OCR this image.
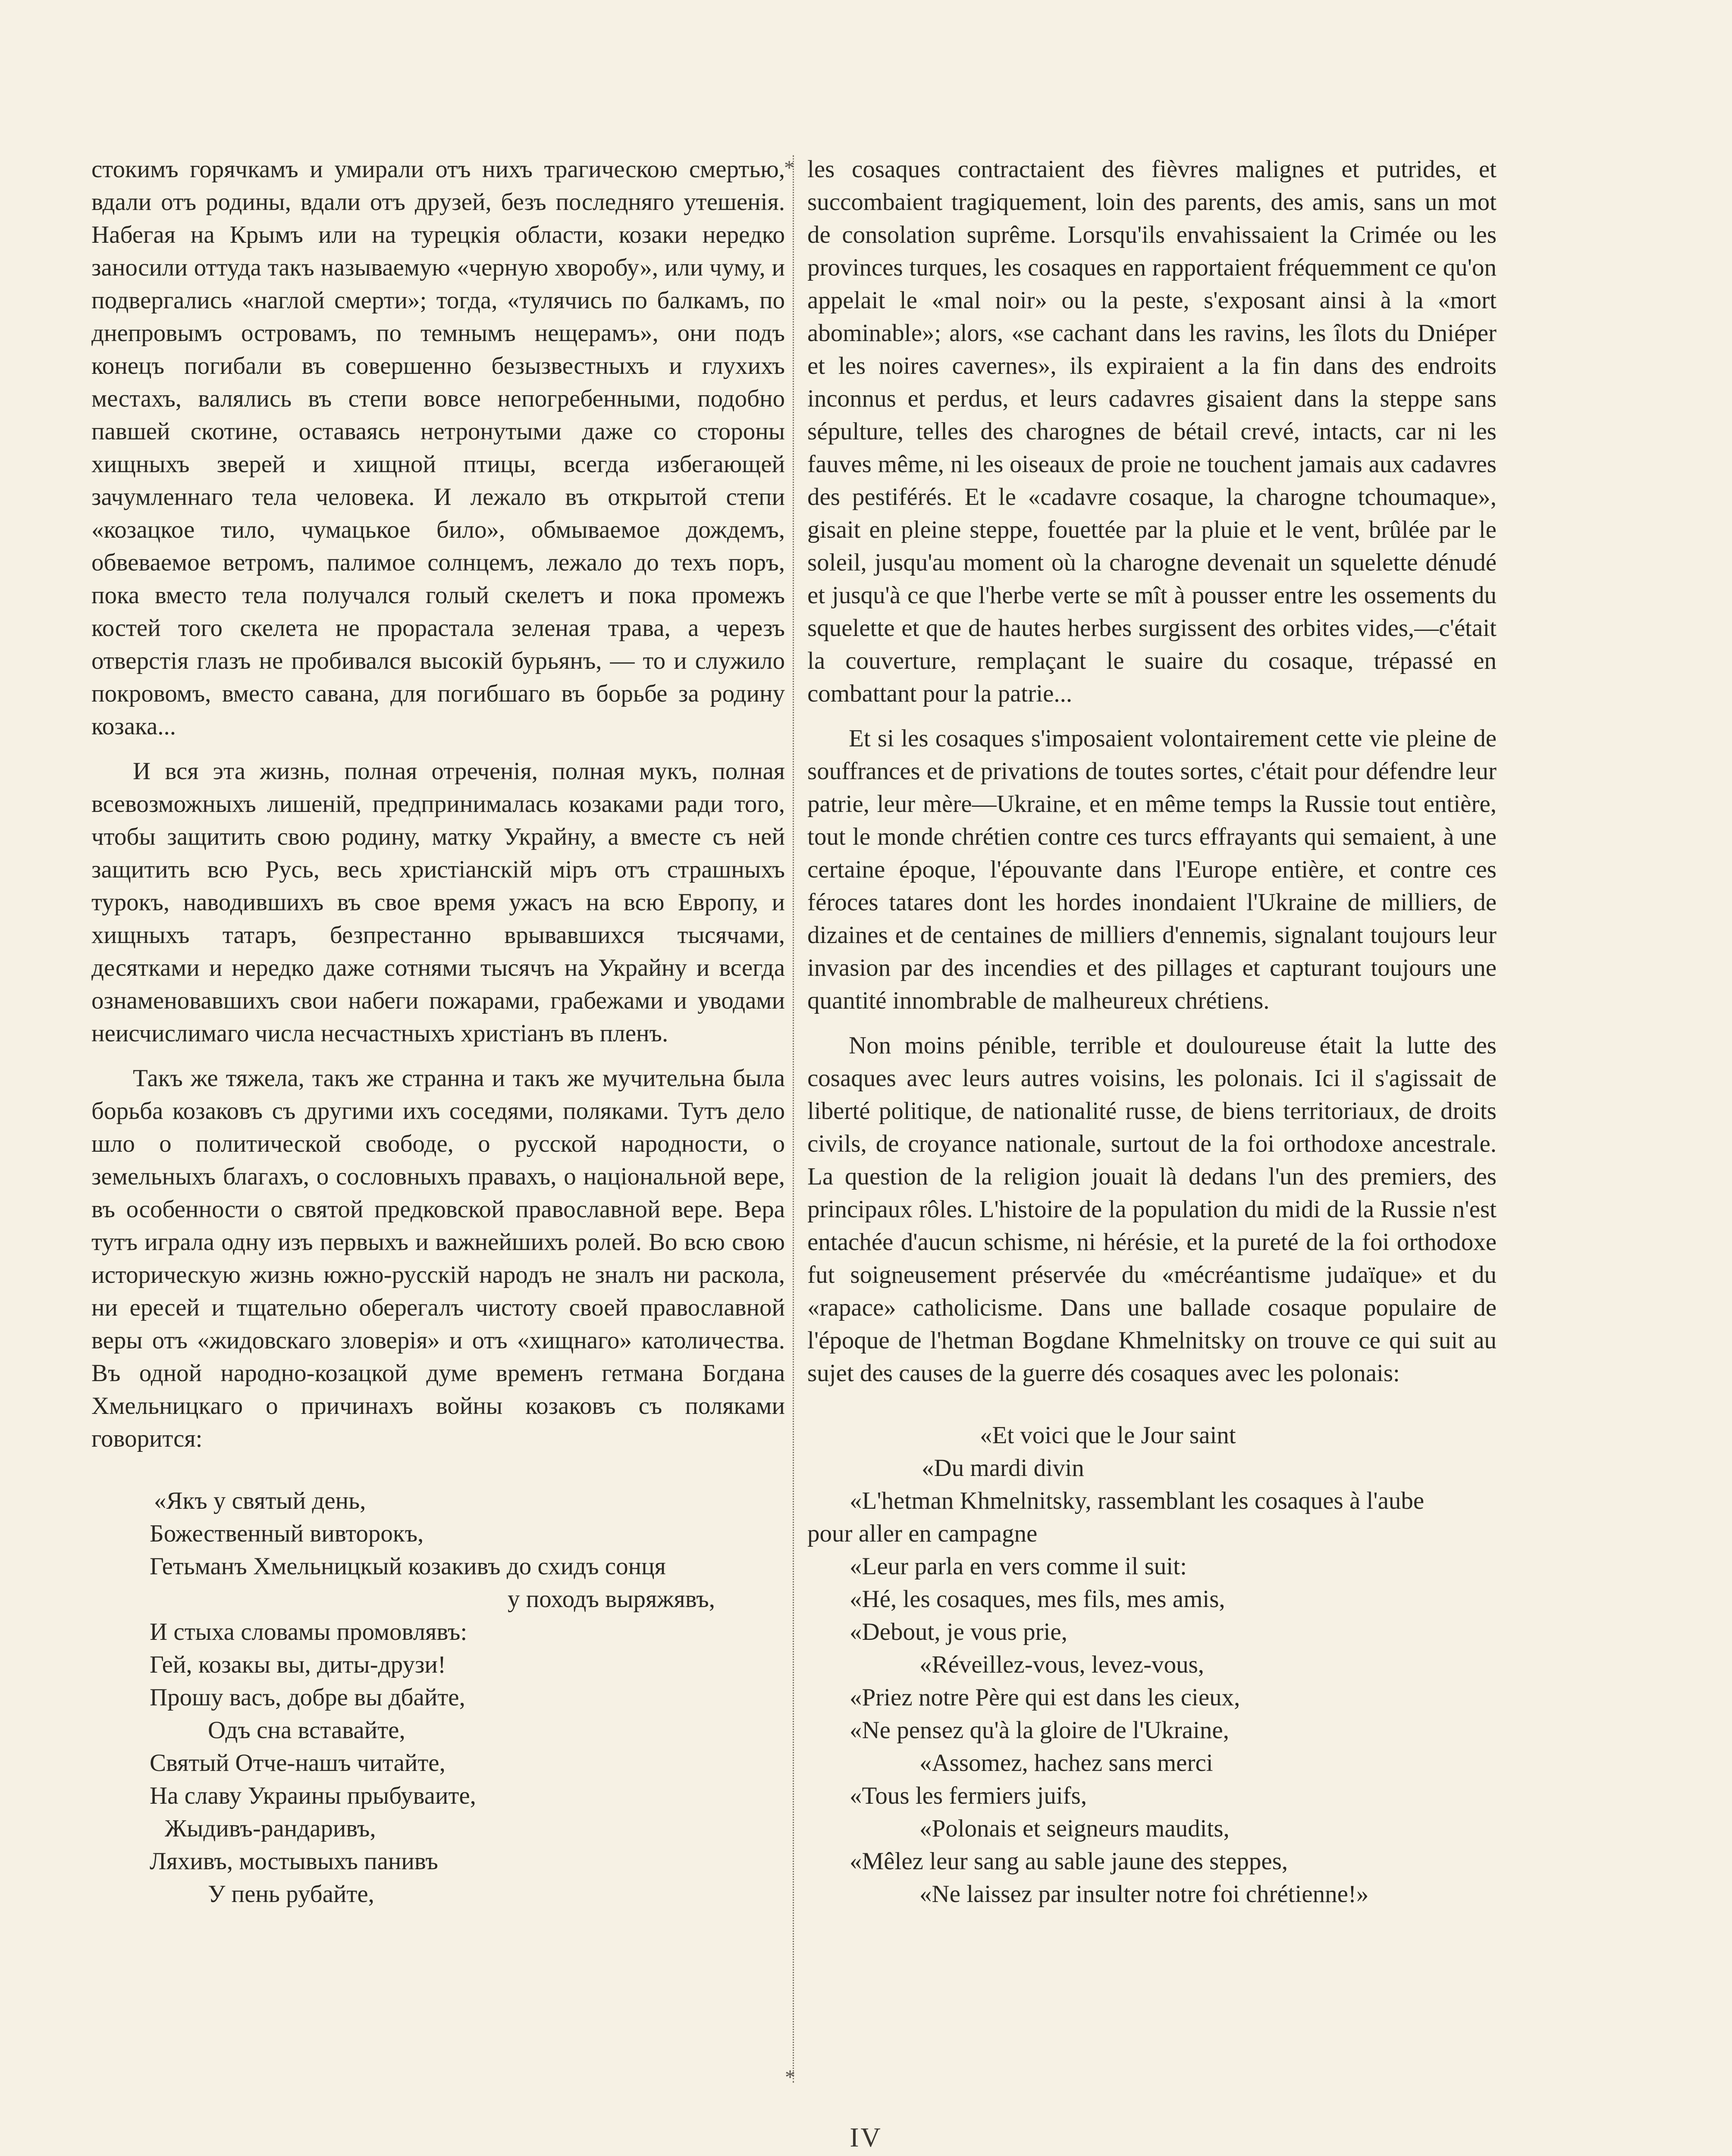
стокимъ горячкамъ и умирали отъ нихъ трагическою смертью, вдали отъ родины, вдали отъ друзей, безъ последняго утешенія. Набегая на Крымъ или на турецкія области, козаки нередко заносили оттуда такъ называемую «черную хворобу», или чуму, и подвергались «наглой смерти»; тогда, «тулячись по балкамъ, по днепровымъ островамъ, по темнымъ нещерамъ», они подъ конецъ погибали въ совершенно безызвестныхъ и глухихъ местахъ, валялись въ степи вовсе непогребенными, подобно павшей скотине, оставаясь нетронутыми даже со стороны хищныхъ зверей и хищной птицы, всегда избегающей зачумленнаго тела человека. И лежало въ открытой степи «козацкое тило, чумацькое било», обмываемое дождемъ, обвеваемое ветромъ, палимое солнцемъ, лежало до техъ поръ, пока вместо тела получался голый скелетъ и пока промежъ костей того скелета не прорастала зеленая трава, а черезъ отверстія глазъ не пробивался высокій бурьянъ, — то и служило покровомъ, вместо савана, для погибшаго въ борьбе за родину козака...

И вся эта жизнь, полная отреченія, полная мукъ, полная всевозможныхъ лишеній, предпринималась козаками ради того, чтобы защитить свою родину, матку Украйну, а вместе съ ней защитить всю Русь, весь христіанскій міръ отъ страшныхъ турокъ, наводившихъ въ свое время ужасъ на всю Европу, и хищныхъ татаръ, безпрестанно врывавшихся тысячами, десятками и нередко даже сотнями тысячъ на Украйну и всегда ознаменовавшихъ свои набеги пожарами, грабежами и уводами неисчислимаго числа несчастныхъ христіанъ въ пленъ.

Такъ же тяжела, такъ же странна и такъ же мучительна была борьба козаковъ съ другими ихъ соседями, поляками. Тутъ дело шло о политической свободе, о русской народности, о земельныхъ благахъ, о сословныхъ правахъ, о національной вере, въ особенности о святой предковской православной вере. Вера тутъ играла одну изъ первыхъ и важнейшихъ ролей. Во всю свою историческую жизнь южно-русскій народъ не зналъ ни раскола, ни ересей и тщательно оберегалъ чистоту своей православной веры отъ «жидовскаго зловерія» и отъ «хищнаго» католичества. Въ одной народно-козацкой думе временъ гетмана Богдана Хмельницкаго о причинахъ войны козаковъ съ поляками говорится:

«Якъ у святый день,
Божественный вивторокъ,
Гетьманъ Хмельницкый козакивъ до схидъ сонця
у походъ выряжявъ,
И стыха словамы промовлявъ:
Гей, козакы вы, диты-друзи!
Прошу васъ, добре вы дбайте,
Одъ сна вставайте,
Святый Отче-нашъ читайте,
На славу Украины прыбуваите,
Жыдивъ-рандаривъ,
Ляхивъ, мостывыхъ панивъ
У пень рубайте,
*
*

les cosaques contractaient des fièvres malignes et putrides, et succombaient tragiquement, loin des parents, des amis, sans un mot de consolation suprême. Lorsqu'ils envahissaient la Crimée ou les provinces turques, les cosaques en rapportaient fréquemment ce qu'on appelait le «mal noir» ou la peste, s'exposant ainsi à la «mort abominable»; alors, «se cachant dans les ravins, les îlots du Dniéper et les noires cavernes», ils expiraient a la fin dans des endroits inconnus et perdus, et leurs cadavres gisaient dans la steppe sans sépulture, telles des charognes de bétail crevé, intacts, car ni les fauves même, ni les oiseaux de proie ne touchent jamais aux cadavres des pestiférés. Et le «cadavre cosaque, la charogne tchoumaque», gisait en pleine steppe, fouettée par la pluie et le vent, brûlée par le soleil, jusqu'au moment où la charogne devenait un squelette dénudé et jusqu'à ce que l'herbe verte se mît à pousser entre les ossements du squelette et que de hautes herbes surgissent des orbites vides,—c'était la couverture, remplaçant le suaire du cosaque, trépassé en combattant pour la patrie...

Et si les cosaques s'imposaient volontairement cette vie pleine de souffrances et de privations de toutes sortes, c'était pour défendre leur patrie, leur mère—Ukraine, et en même temps la Russie tout entière, tout le monde chrétien contre ces turcs effrayants qui semaient, à une certaine époque, l'épouvante dans l'Europe entière, et contre ces féroces tatares dont les hordes inondaient l'Ukraine de milliers, de dizaines et de centaines de milliers d'ennemis, signalant toujours leur invasion par des incendies et des pillages et capturant toujours une quantité innombrable de malheureux chrétiens.

Non moins pénible, terrible et douloureuse était la lutte des cosaques avec leurs autres voisins, les polonais. Ici il s'agissait de liberté politique, de nationalité russe, de biens territoriaux, de droits civils, de croyance nationale, surtout de la foi orthodoxe ancestrale. La question de la religion jouait là dedans l'un des premiers, des principaux rôles. L'histoire de la population du midi de la Russie n'est entachée d'aucun schisme, ni hérésie, et la pureté de la foi orthodoxe fut soigneusement préservée du «mécréantisme judaïque» et du «rapace» catholicisme. Dans une ballade cosaque populaire de l'époque de l'hetman Bogdane Khmelnitsky on trouve ce qui suit au sujet des causes de la guerre dés cosaques avec les polonais:

«Et voici que le Jour saint
«Du mardi divin
«L'hetman Khmelnitsky, rassemblant les cosaques à l'aube
pour aller en campagne
«Leur parla en vers comme il suit:
«Hé, les cosaques, mes fils, mes amis,
«Debout, je vous prie,
«Réveillez-vous, levez-vous,
«Priez notre Père qui est dans les cieux,
«Ne pensez qu'à la gloire de l'Ukraine,
«Assomez, hachez sans merci
«Tous les fermiers juifs,
«Polonais et seigneurs maudits,
«Mêlez leur sang au sable jaune des steppes,
«Ne laissez par insulter notre foi chrétienne!»
IV
